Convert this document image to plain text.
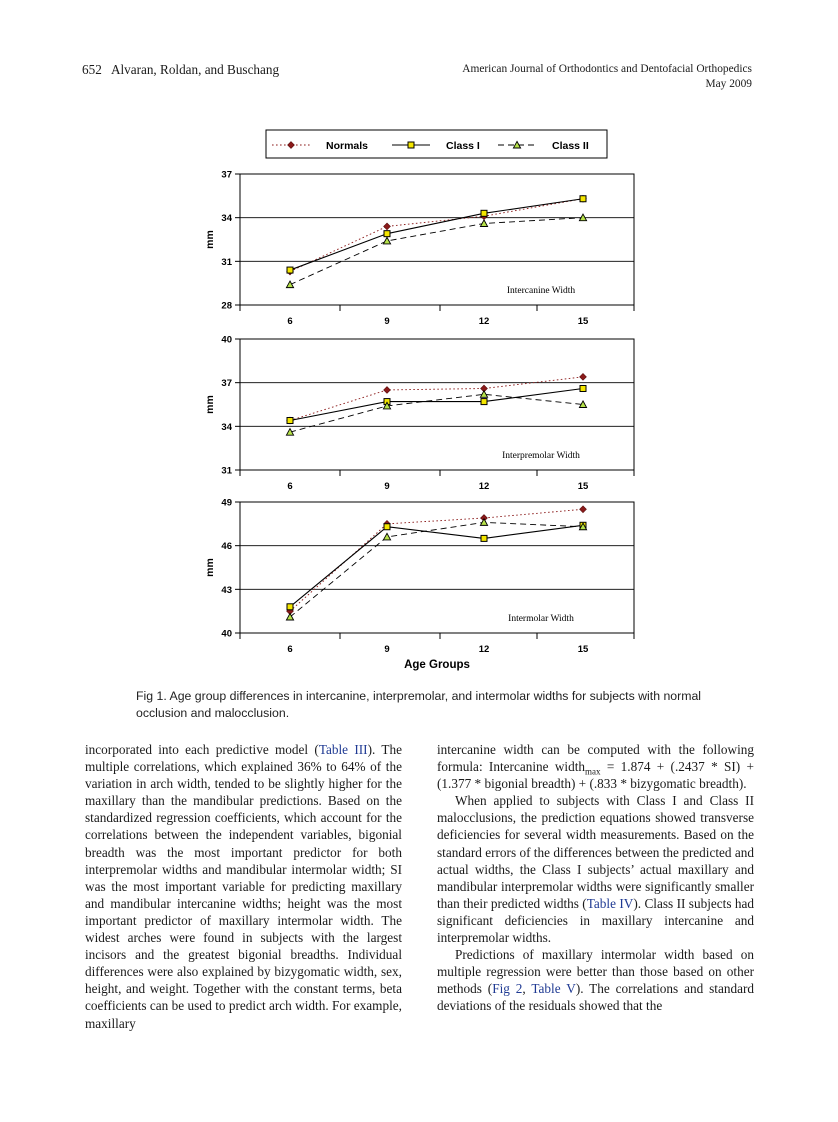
652 Alvaran, Roldan, and Buschang	American Journal of Orthodontics and Dentofacial Orthopedics
May 2009
Normals	Class I	Class II
28
31
34
37
6	9	12	15
mm
Intercanine Width
31
34
37
40
6	9	12	15
mm
Interpremolar Width
40
43
46
49
6	9	12	15
mm
Intermolar Width
Age Groups
Fig 1. Age group differences in intercanine, interpremolar, and intermolar widths for subjects with normal occlusion and malocclusion.

incorporated into each predictive model (Table III). The multiple correlations, which explained 36% to 64% of the variation in arch width, tended to be slightly higher for the maxillary than the mandibular predictions. Based on the standardized regression coefficients, which account for the correlations between the independent variables, bigonial breadth was the most important predictor for both interpremolar widths and mandibular intermolar width; SI was the most important variable for predicting maxillary and mandibular intercanine widths; height was the most important predictor of maxillary intermolar width. The widest arches were found in subjects with the largest incisors and the greatest bigonial breadths. Individual differences were also explained by bizygomatic width, sex, height, and weight. Together with the constant terms, beta coefficients can be used to predict arch width. For example, maxillary

intercanine width can be computed with the following formula: Intercanine width$_{max}$ = 1.874 + (.2437 * SI) + (1.377 * bigonial breadth) + (.833 * bizygomatic breadth).

When applied to subjects with Class I and Class II malocclusions, the prediction equations showed transverse deficiencies for several width measurements. Based on the standard errors of the differences between the predicted and actual widths, the Class I subjects’ actual maxillary and mandibular interpremolar widths were significantly smaller than their predicted widths (Table IV). Class II subjects had significant deficiencies in maxillary intercanine and interpremolar widths.

Predictions of maxillary intermolar width based on multiple regression were better than those based on other methods (Fig 2, Table V). The correlations and standard deviations of the residuals showed that the
